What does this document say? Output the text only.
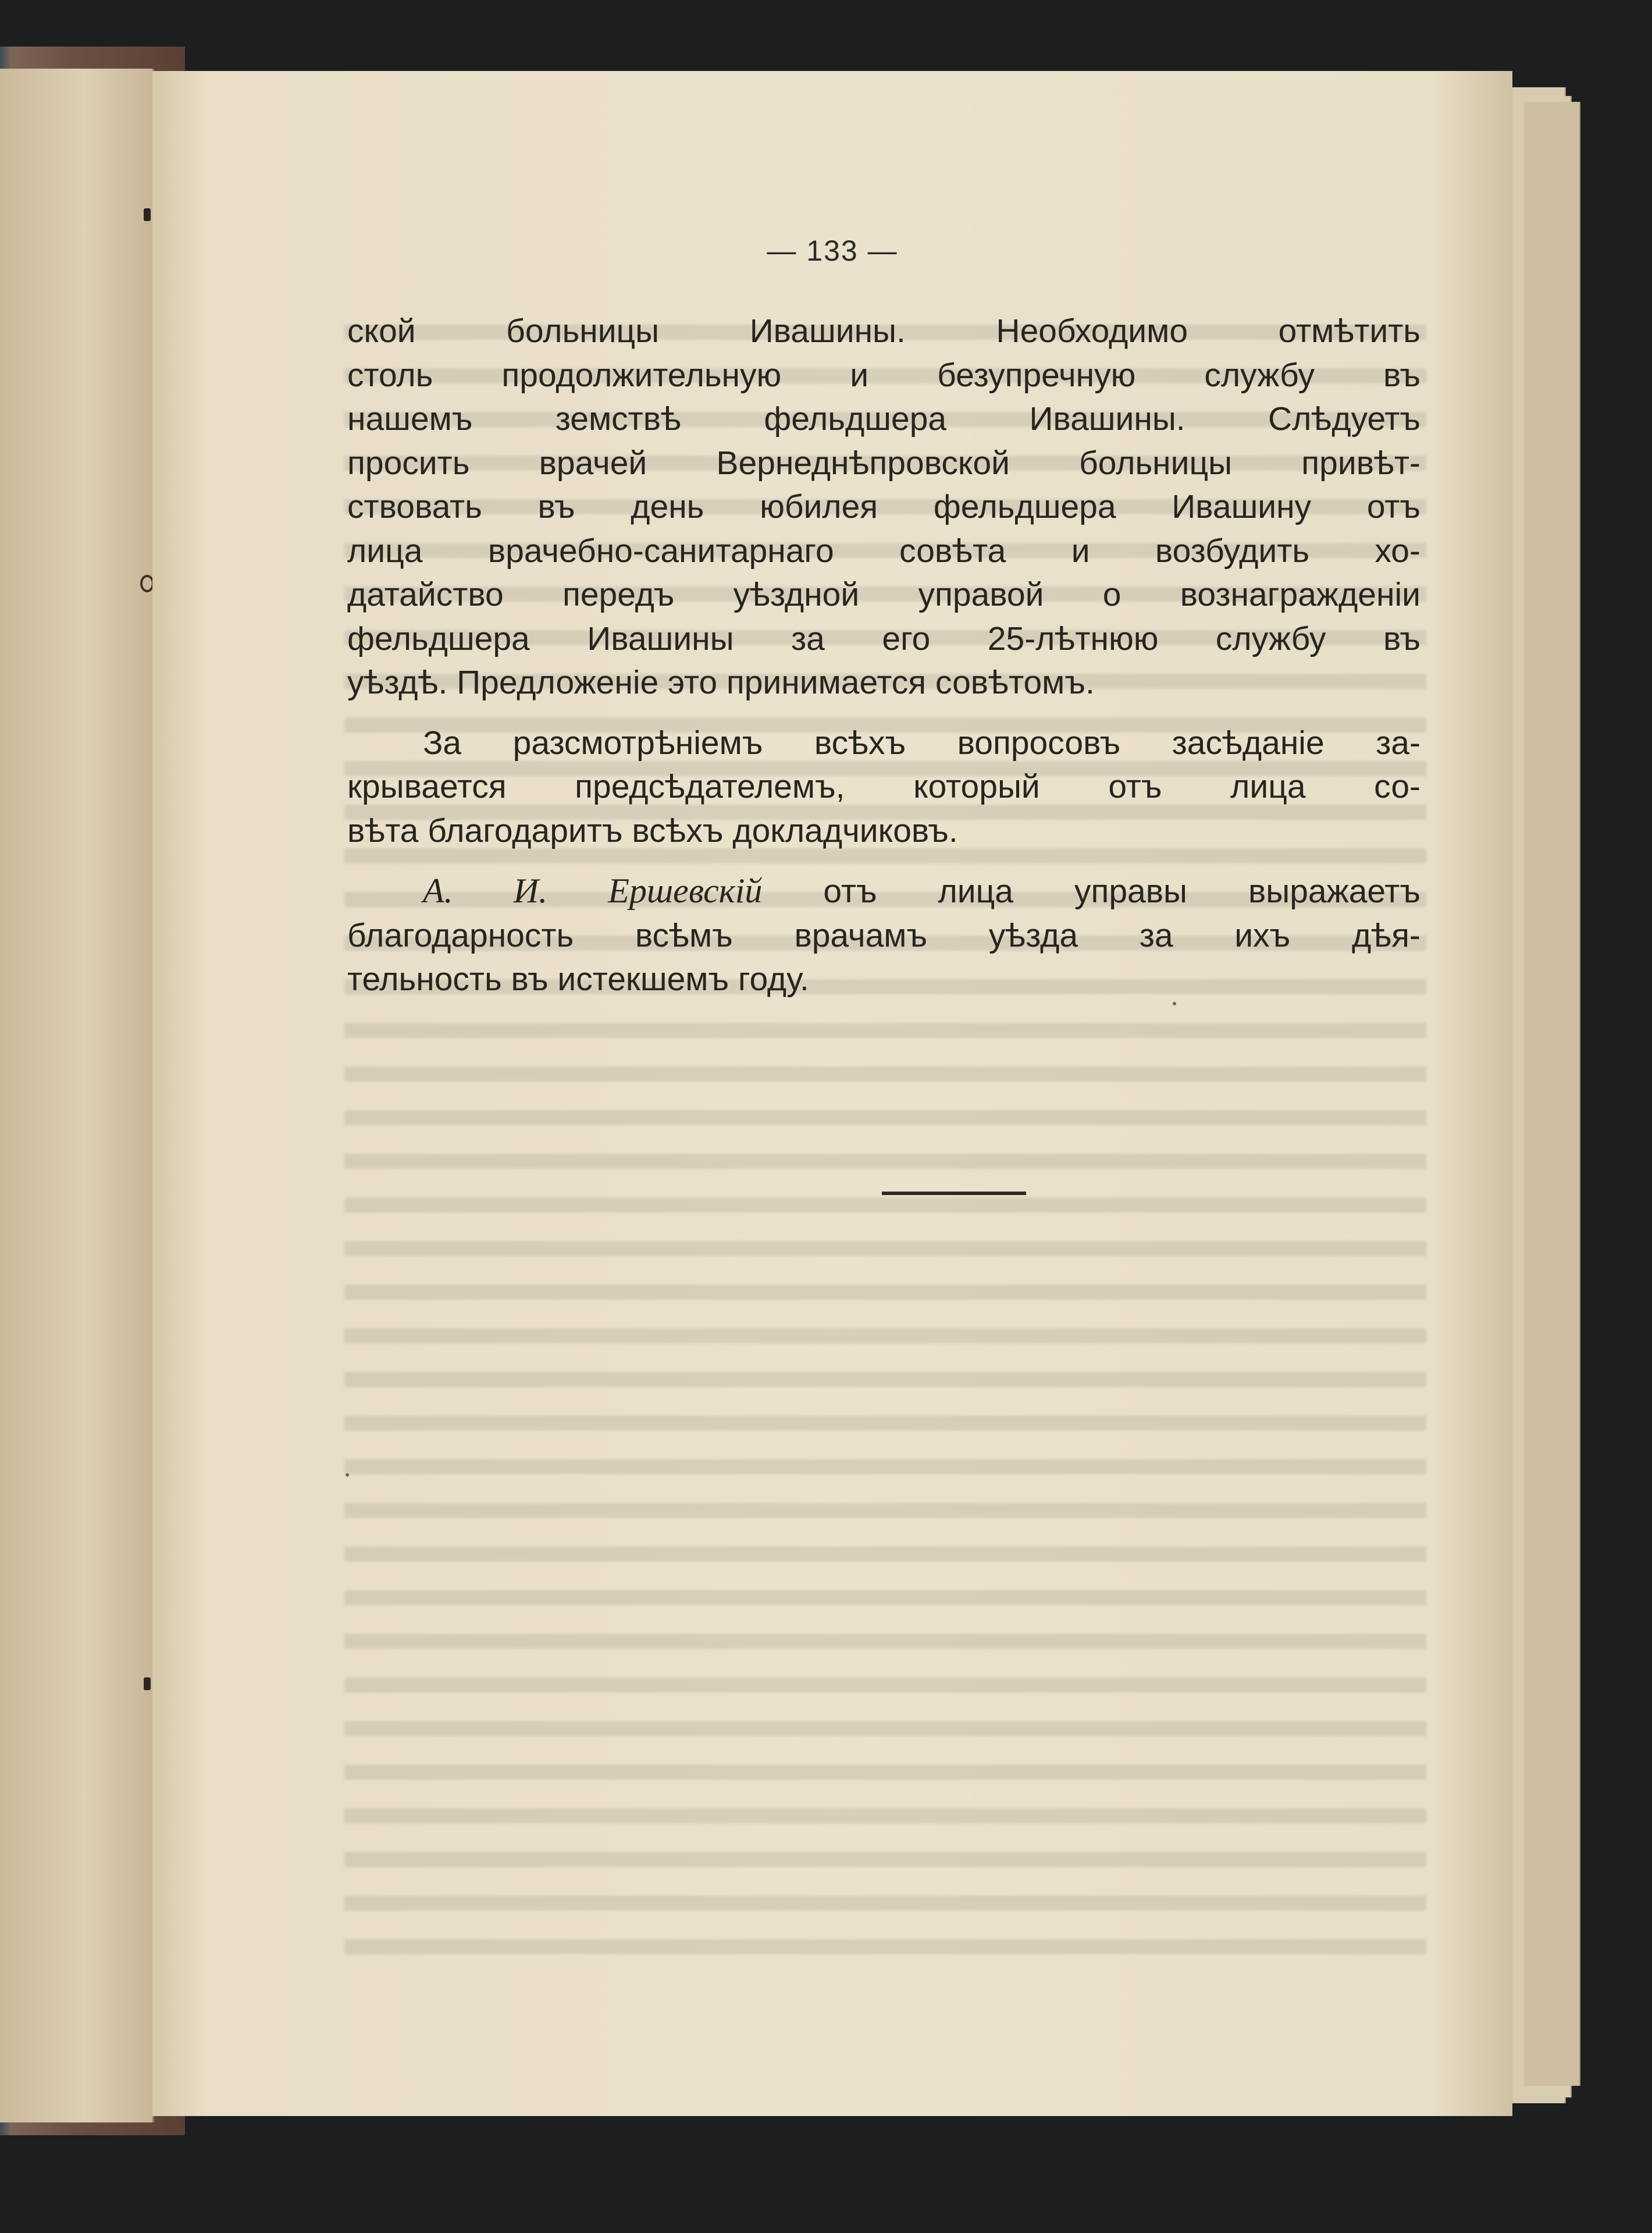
— 133 —

ской больницы Ивашины. Необходимо отмѣтить
столь продолжительную и безупречную службу въ
нашемъ земствѣ фельдшера Ивашины. Слѣдуетъ
просить врачей Вернеднѣпровской больницы привѣт-
ствовать въ день юбилея фельдшера Ивашину отъ
лица врачебно-санитарнаго совѣта и возбудить хо-
датайство передъ уѣздной управой о вознагражденіи
фельдшера Ивашины за его 25-лѣтнюю службу въ
уѣздѣ. Предложеніе это принимается совѣтомъ.

За разсмотрѣніемъ всѣхъ вопросовъ засѣданіе за-
крывается предсѣдателемъ, который отъ лица со-
вѣта благодаритъ всѣхъ докладчиковъ.

А. И. Ершевскій отъ лица управы выражаетъ
благодарность всѣмъ врачамъ уѣзда за ихъ дѣя-
тельность въ истекшемъ году.
